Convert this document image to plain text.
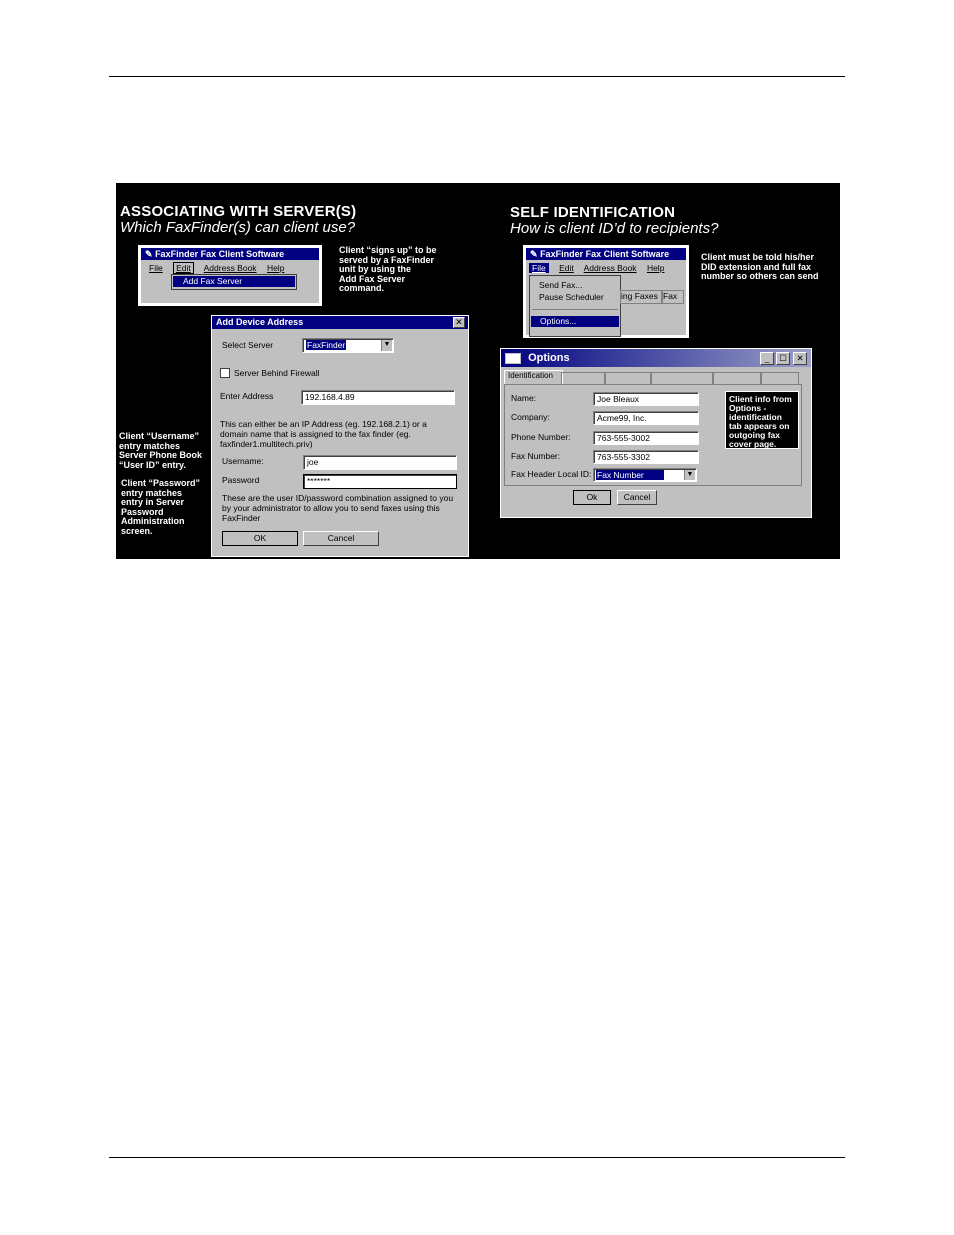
ASSOCIATING WITH SERVER(S)
Which FaxFinder(s) can client use?
✎ FaxFinder Fax Client Software
File Edit Address Book Help
Add Fax Server
Client “signs up” to be
served by a FaxFinder
unit by using the
Add Fax Server
command.
Add Device Address	✕
Select Server	FaxFinder	▼
Server Behind Firewall
Enter Address	192.168.4.89
This can either be an IP Address (eg. 192.168.2.1) or a domain name that is assigned to the fax finder (eg. faxfinder1.multitech.priv)
Username:	joe
Password	*******
These are the user ID/password combination assigned to you by your administrator to allow you to send faxes using this FaxFinder
OK	Cancel
Client “Username”
entry matches
Server Phone Book
“User ID” entry.
Client “Password”
entry matches
entry in Server
Password
Administration
screen.
SELF IDENTIFICATION
How is client ID’d to recipients?
✎ FaxFinder Fax Client Software
File Edit Address Book Help
Send Fax...
Pause Scheduler
Options...
ing Faxes Fax
Client must be told his/her
DID extension and full fax
number so others can send
Options	_	☐	✕
Identification
Name:	Joe Bleaux
Company:	Acme99, Inc.
Phone Number:	763-555-3002
Fax Number:	763-555-3302
Fax Header Local ID: Fax Number	▼
Client info from
Options -
identification
tab appears on
outgoing fax
cover page.
Ok	Cancel
